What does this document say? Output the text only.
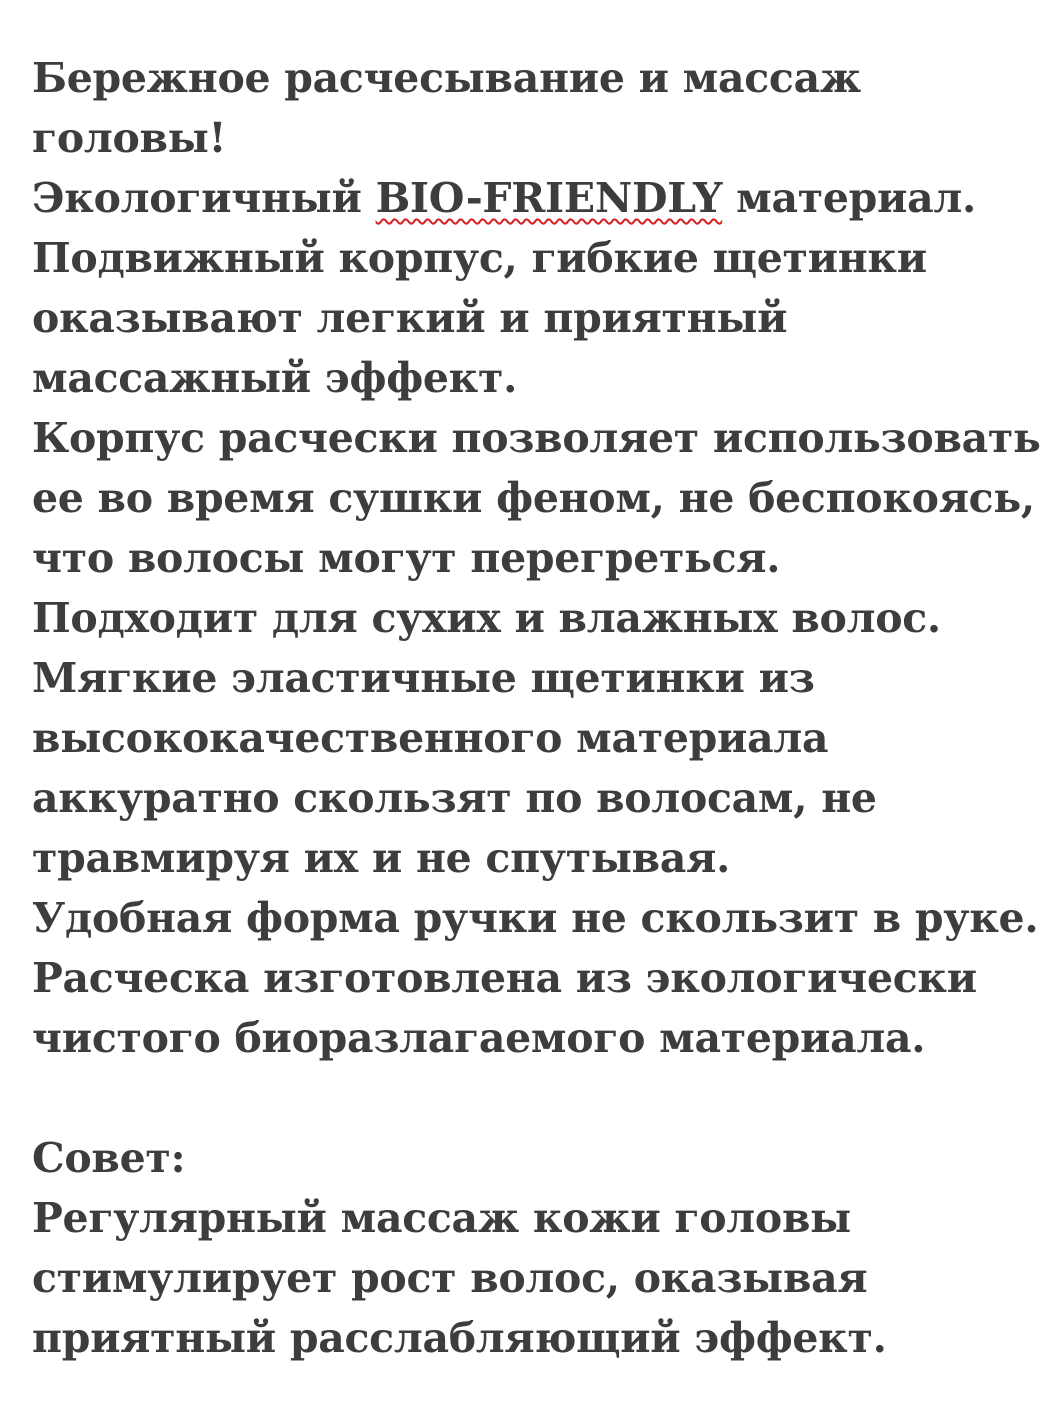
Бережное расчесывание и массаж
головы!
Экологичный BIO-FRIENDLY материал.
Подвижный корпус, гибкие щетинки
оказывают легкий и приятный
массажный эффект.
Корпус расчески позволяет использовать
ее во время сушки феном, не беспокоясь,
что волосы могут перегреться.
Подходит для сухих и влажных волос.
Мягкие эластичные щетинки из
высококачественного материала
аккуратно скользят по волосам, не
травмируя их и не спутывая.
Удобная форма ручки не скользит в руке.
Расческа изготовлена из экологически
чистого биоразлагаемого материала.
Совет:
Регулярный массаж кожи головы
стимулирует рост волос, оказывая
приятный расслабляющий эффект.
